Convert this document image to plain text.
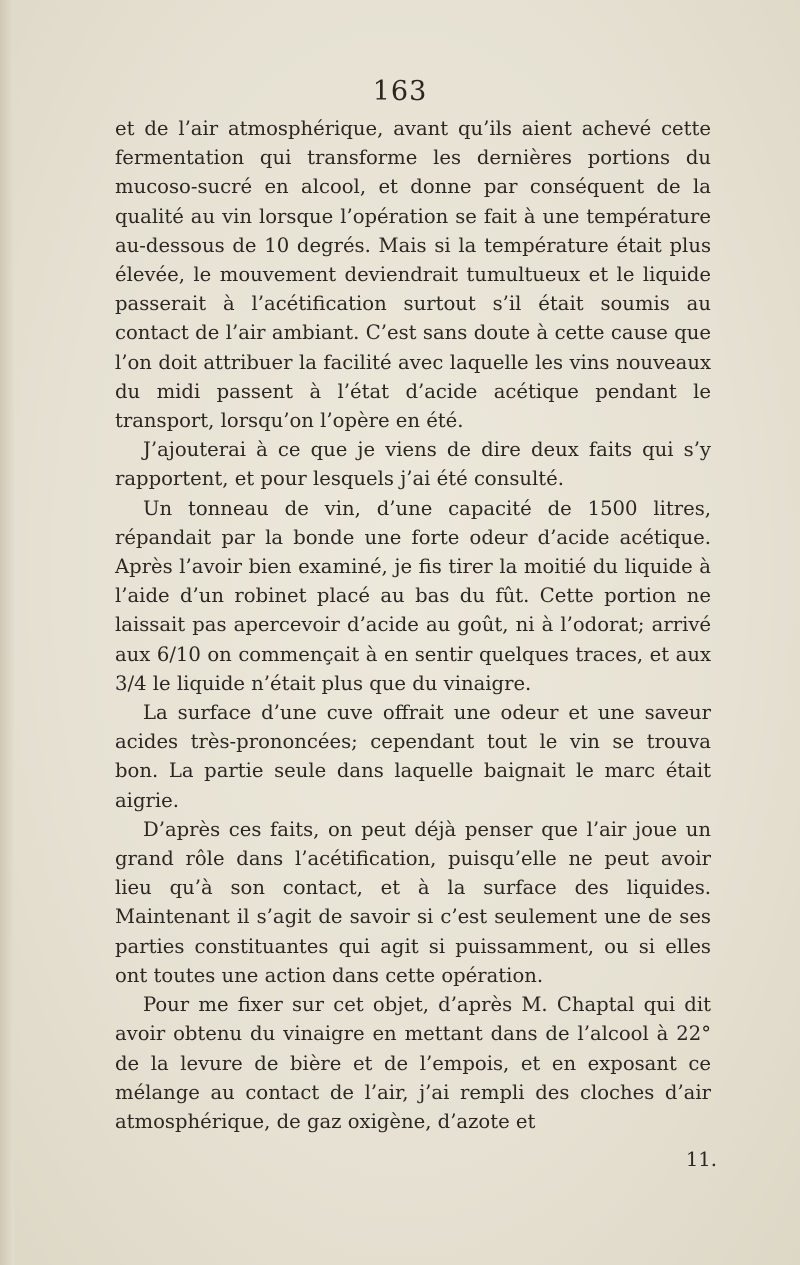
163

et de l’air atmosphérique, avant qu’ils aient achevé cette fermentation qui transforme les dernières portions du mucoso-sucré en alcool, et donne par conséquent de la qualité au vin lorsque l’opération se fait à une température au-dessous de 10 degrés. Mais si la température était plus élevée, le mouvement deviendrait tumultueux et le liquide passerait à l’acétification surtout s’il était soumis au contact de l’air ambiant. C’est sans doute à cette cause que l’on doit attribuer la facilité avec laquelle les vins nouveaux du midi passent à l’état d’acide acétique pendant le transport, lorsqu’on l’opère en été.

J’ajouterai à ce que je viens de dire deux faits qui s’y rapportent, et pour lesquels j’ai été consulté.

Un tonneau de vin, d’une capacité de 1500 litres, répandait par la bonde une forte odeur d’acide acétique. Après l’avoir bien examiné, je fis tirer la moitié du liquide à l’aide d’un robinet placé au bas du fût. Cette portion ne laissait pas apercevoir d’acide au goût, ni à l’odorat; arrivé aux 6/10 on commençait à en sentir quelques traces, et aux 3/4 le liquide n’était plus que du vinaigre.

La surface d’une cuve offrait une odeur et une saveur acides très-prononcées; cependant tout le vin se trouva bon. La partie seule dans laquelle baignait le marc était aigrie.

D’après ces faits, on peut déjà penser que l’air joue un grand rôle dans l’acétification, puisqu’elle ne peut avoir lieu qu’à son contact, et à la surface des liquides. Maintenant il s’agit de savoir si c’est seulement une de ses parties constituantes qui agit si puissamment, ou si elles ont toutes une action dans cette opération.

Pour me fixer sur cet objet, d’après M. Chaptal qui dit avoir obtenu du vinaigre en mettant dans de l’alcool à 22° de la levure de bière et de l’empois, et en exposant ce mélange au contact de l’air, j’ai rempli des cloches d’air atmosphérique, de gaz oxigène, d’azote et

11.
